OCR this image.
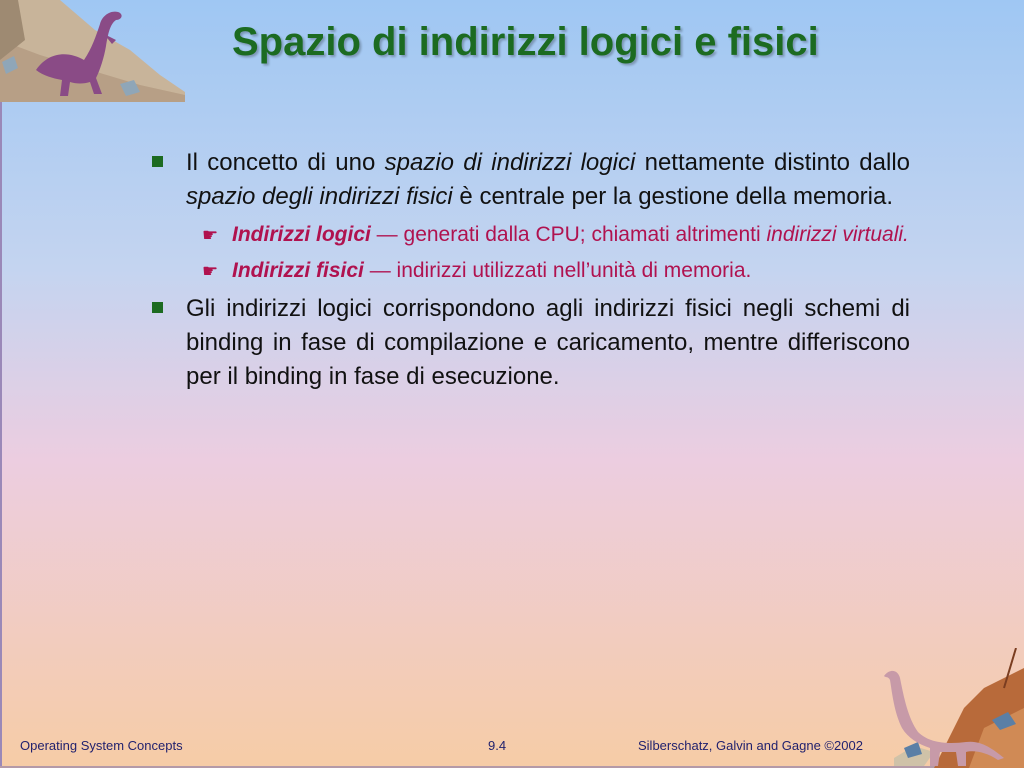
Spazio di indirizzi logici e fisici
Il concetto di uno spazio di indirizzi logici nettamente distinto dallo spazio degli indirizzi fisici è centrale per la gestione della memoria.
☛ Indirizzi logici — generati dalla CPU; chiamati altrimenti indirizzi virtuali.
☛ Indirizzi fisici — indirizzi utilizzati nell’unità di memoria.
Gli indirizzi logici corrispondono agli indirizzi fisici negli schemi di binding in fase di compilazione e caricamento, mentre differiscono per il binding in fase di esecuzione.
Operating System Concepts	9.4	Silberschatz, Galvin and Gagne ©2002
